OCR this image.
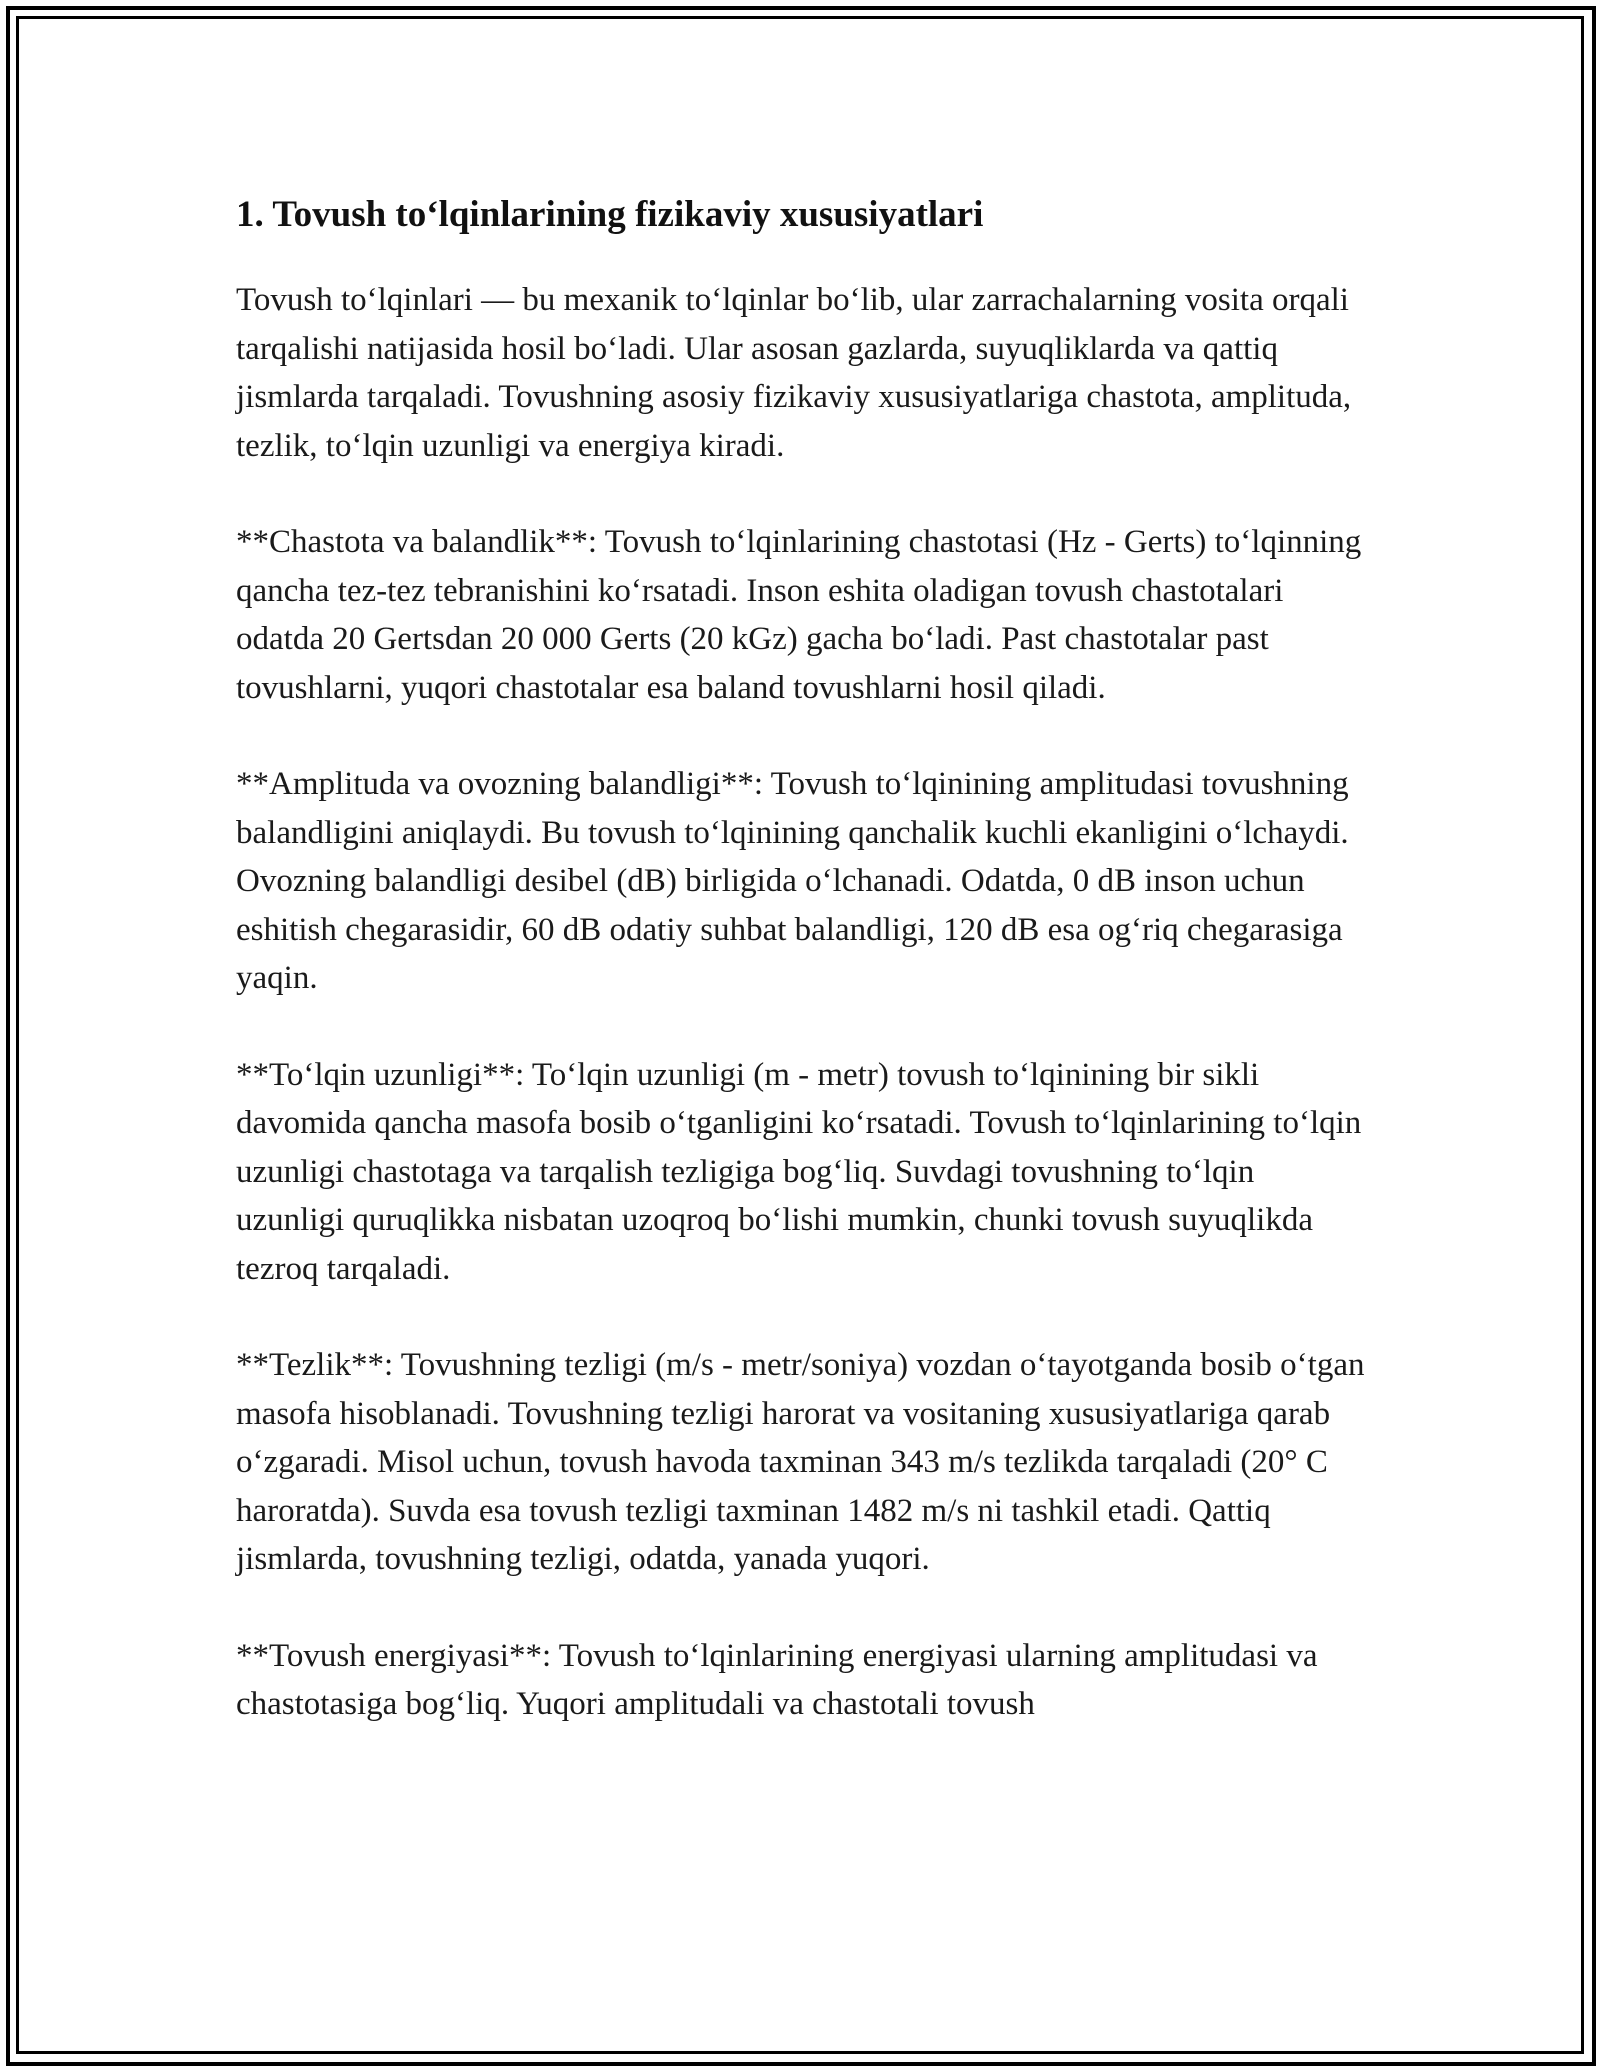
1. Tovush to‘lqinlarining fizikaviy xususiyatlari

Tovush to‘lqinlari — bu mexanik to‘lqinlar bo‘lib, ular zarrachalarning vosita orqali tarqalishi natijasida hosil bo‘ladi. Ular asosan gazlarda, suyuqliklarda va qattiq jismlarda tarqaladi. Tovushning asosiy fizikaviy xususiyatlariga chastota, amplituda, tezlik, to‘lqin uzunligi va energiya kiradi.

**Chastota va balandlik**: Tovush to‘lqinlarining chastotasi (Hz - Gerts) to‘lqinning qancha tez-tez tebranishini ko‘rsatadi. Inson eshita oladigan tovush chastotalari odatda 20 Gertsdan 20 000 Gerts (20 kGz) gacha bo‘ladi. Past chastotalar past tovushlarni, yuqori chastotalar esa baland tovushlarni hosil qiladi.

**Amplituda va ovozning balandligi**: Tovush to‘lqinining amplitudasi tovushning balandligini aniqlaydi. Bu tovush to‘lqinining qanchalik kuchli ekanligini o‘lchaydi. Ovozning balandligi desibel (dB) birligida o‘lchanadi. Odatda, 0 dB inson uchun eshitish chegarasidir, 60 dB odatiy suhbat balandligi, 120 dB esa og‘riq chegarasiga yaqin.

**To‘lqin uzunligi**: To‘lqin uzunligi (m - metr) tovush to‘lqinining bir sikli davomida qancha masofa bosib o‘tganligini ko‘rsatadi. Tovush to‘lqinlarining to‘lqin uzunligi chastotaga va tarqalish tezligiga bog‘liq. Suvdagi tovushning to‘lqin uzunligi quruqlikka nisbatan uzoqroq bo‘lishi mumkin, chunki tovush suyuqlikda tezroq tarqaladi.

**Tezlik**: Tovushning tezligi (m/s - metr/soniya) vozdan o‘tayotganda bosib o‘tgan masofa hisoblanadi. Tovushning tezligi harorat va vositaning xususiyatlariga qarab o‘zgaradi. Misol uchun, tovush havoda taxminan 343 m/s tezlikda tarqaladi (20° C haroratda). Suvda esa tovush tezligi taxminan 1482 m/s ni tashkil etadi. Qattiq jismlarda, tovushning tezligi, odatda, yanada yuqori.

**Tovush energiyasi**: Tovush to‘lqinlarining energiyasi ularning amplitudasi va chastotasiga bog‘liq. Yuqori amplitudali va chastotali tovush
